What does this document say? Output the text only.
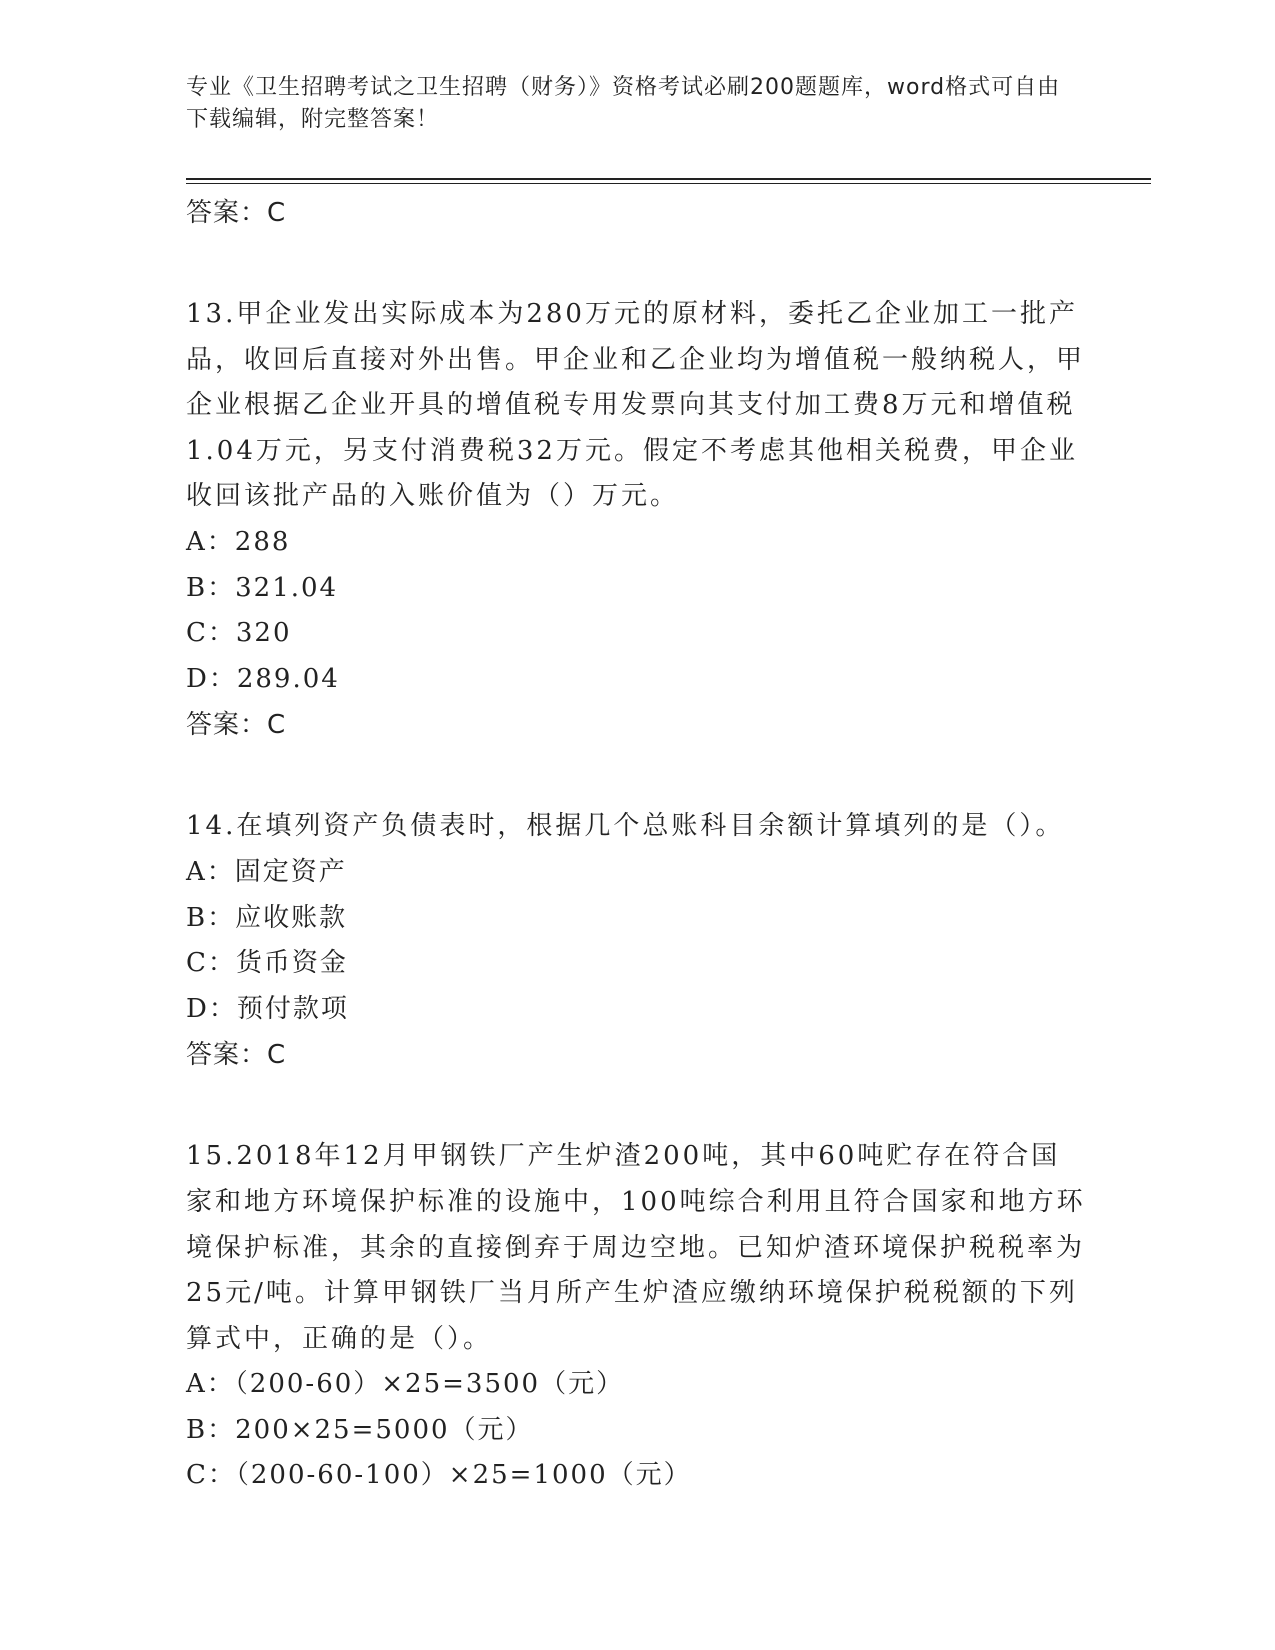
专业《卫生招聘考试之卫生招聘（财务）》资格考试必刷200题题库，word格式可自由下载编辑，附完整答案！
答案：C

13.甲企业发出实际成本为280万元的原材料，委托乙企业加工一批产品，收回后直接对外出售。甲企业和乙企业均为增值税一般纳税人，甲企业根据乙企业开具的增值税专用发票向其支付加工费8万元和增值税1.04万元，另支付消费税32万元。假定不考虑其他相关税费，甲企业收回该批产品的入账价值为（）万元。

A：288
B：321.04
C：320
D：289.04
答案：C

14.在填列资产负债表时，根据几个总账科目余额计算填列的是（）。

A：固定资产
B：应收账款
C：货币资金
D：预付款项
答案：C

15.2018年12月甲钢铁厂产生炉渣200吨，其中60吨贮存在符合国家和地方环境保护标准的设施中，100吨综合利用且符合国家和地方环境保护标准，其余的直接倒弃于周边空地。已知炉渣环境保护税税率为25元/吨。计算甲钢铁厂当月所产生炉渣应缴纳环境保护税税额的下列算式中，正确的是（）。

A：（200-60）×25=3500（元）
B：200×25=5000（元）
C：（200-60-100）×25=1000（元）
